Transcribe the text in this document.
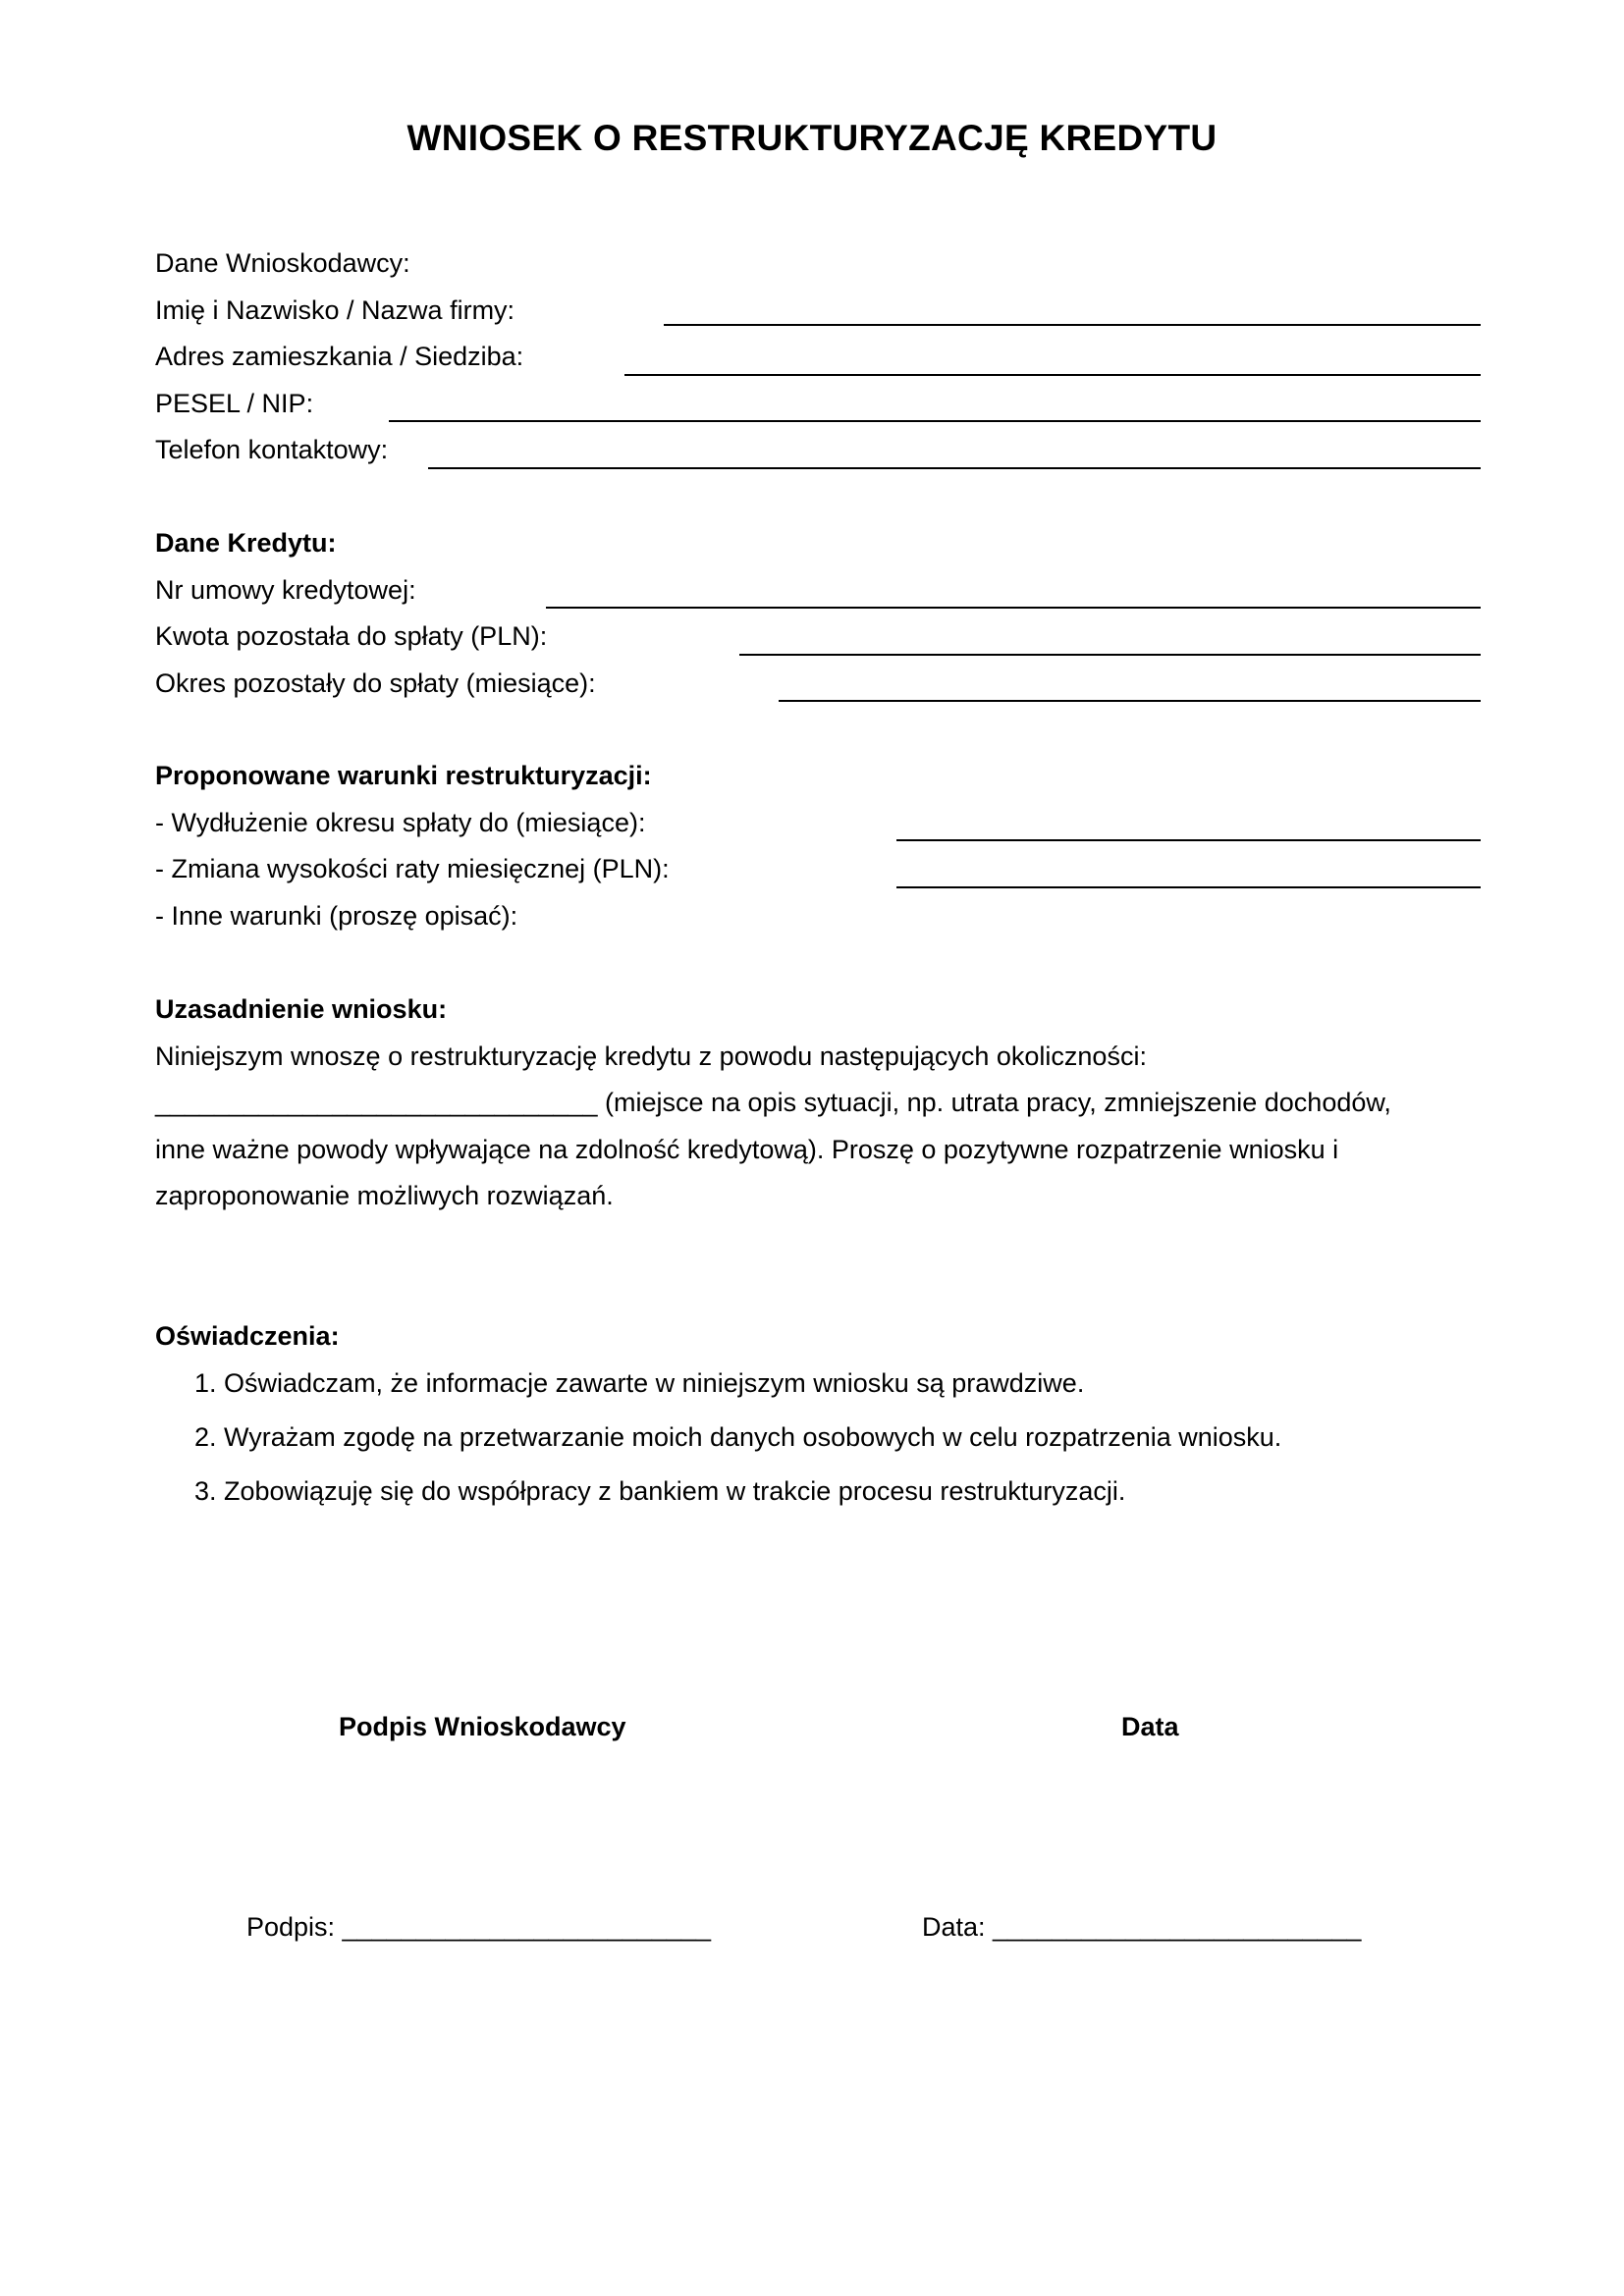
WNIOSEK O RESTRUKTURYZACJĘ KREDYTU
Dane Wnioskodawcy:
Imię i Nazwisko / Nazwa firmy:
Adres zamieszkania / Siedziba:
PESEL / NIP:
Telefon kontaktowy:
Dane Kredytu:
Nr umowy kredytowej:
Kwota pozostała do spłaty (PLN):
Okres pozostały do spłaty (miesiące):
Proponowane warunki restrukturyzacji:
- Wydłużenie okresu spłaty do (miesiące):
- Zmiana wysokości raty miesięcznej (PLN):
- Inne warunki (proszę opisać):
Uzasadnienie wniosku:
Niniejszym wnoszę o restrukturyzację kredytu z powodu następujących okoliczności:
______________________________ (miejsce na opis sytuacji, np. utrata pracy, zmniejszenie dochodów,
inne ważne powody wpływające na zdolność kredytową). Proszę o pozytywne rozpatrzenie wniosku i
zaproponowanie możliwych rozwiązań.
Oświadczenia:
1. Oświadczam, że informacje zawarte w niniejszym wniosku są prawdziwe.
2. Wyrażam zgodę na przetwarzanie moich danych osobowych w celu rozpatrzenia wniosku.
3. Zobowiązuję się do współpracy z bankiem w trakcie procesu restrukturyzacji.
Podpis Wnioskodawcy	Data
Podpis: _________________________	Data: _________________________
